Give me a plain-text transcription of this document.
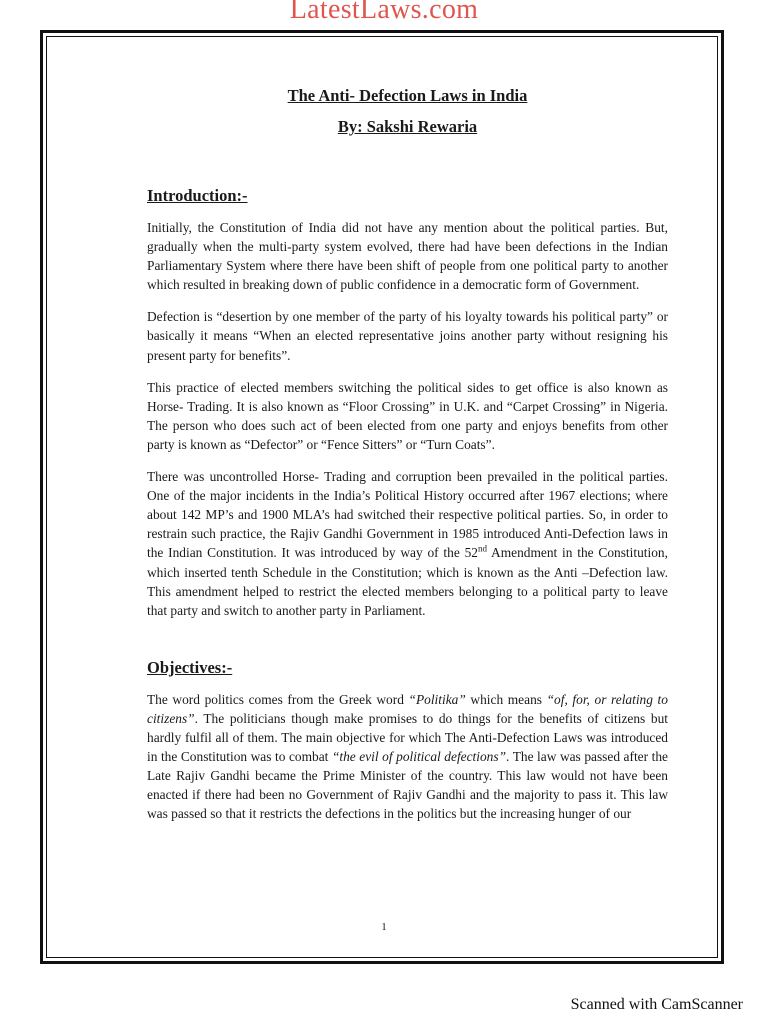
LatestLaws.com
The Anti- Defection Laws in India
By: Sakshi Rewaria
Introduction:-

Initially, the Constitution of India did not have any mention about the political parties. But, gradually when the multi-party system evolved, there had have been defections in the Indian Parliamentary System where there have been shift of people from one political party to another which resulted in breaking down of public confidence in a democratic form of Government.

Defection is “desertion by one member of the party of his loyalty towards his political party” or basically it means “When an elected representative joins another party without resigning his present party for benefits”.

This practice of elected members switching the political sides to get office is also known as Horse- Trading. It is also known as “Floor Crossing” in U.K. and “Carpet Crossing” in Nigeria. The person who does such act of been elected from one party and enjoys benefits from other party is known as “Defector” or “Fence Sitters” or “Turn Coats”.

There was uncontrolled Horse- Trading and corruption been prevailed in the political parties. One of the major incidents in the India’s Political History occurred after 1967 elections; where about 142 MP’s and 1900 MLA’s had switched their respective political parties. So, in order to restrain such practice, the Rajiv Gandhi Government in 1985 introduced Anti-Defection laws in the Indian Constitution. It was introduced by way of the 52nd Amendment in the Constitution, which inserted tenth Schedule in the Constitution; which is known as the Anti –Defection law. This amendment helped to restrict the elected members belonging to a political party to leave that party and switch to another party in Parliament.

Objectives:-

The word politics comes from the Greek word “Politika” which means “of, for, or relating to citizens”. The politicians though make promises to do things for the benefits of citizens but hardly fulfil all of them. The main objective for which The Anti-Defection Laws was introduced in the Constitution was to combat “the evil of political defections”. The law was passed after the Late Rajiv Gandhi became the Prime Minister of the country. This law would not have been enacted if there had been no Government of Rajiv Gandhi and the majority to pass it. This law was passed so that it restricts the defections in the politics but the increasing hunger of our

1
Scanned with CamScanner
